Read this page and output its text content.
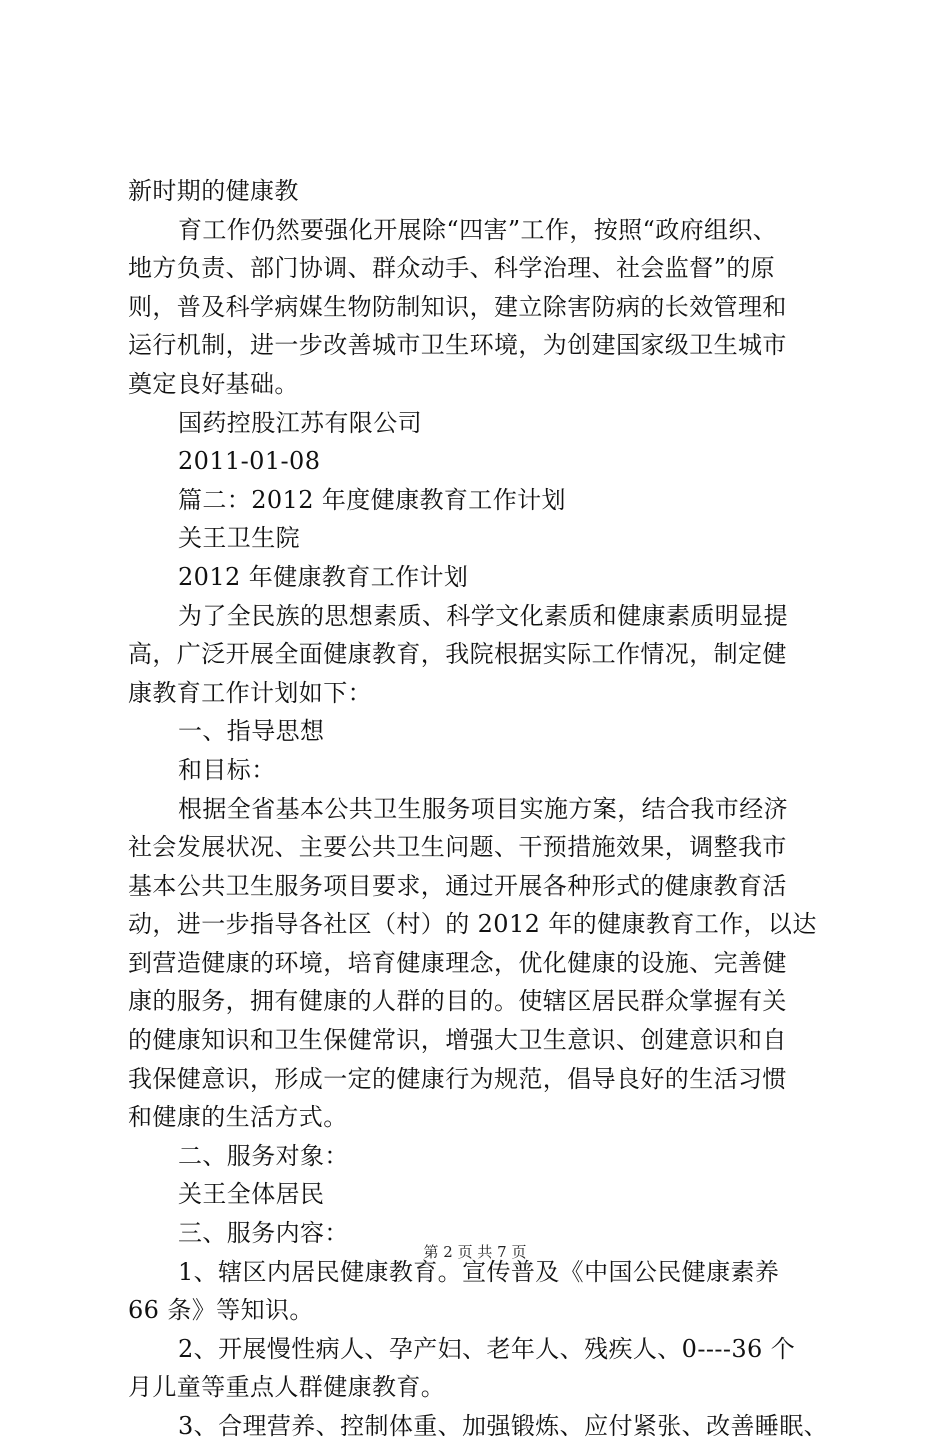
新时期的健康教
育工作仍然要强化开展除“四害”工作，按照“政府组织、
地方负责、部门协调、群众动手、科学治理、社会监督”的原
则，普及科学病媒生物防制知识，建立除害防病的长效管理和
运行机制，进一步改善城市卫生环境，为创建国家级卫生城市
奠定良好基础。
国药控股江苏有限公司
2011-01-08
篇二：2012 年度健康教育工作计划
关王卫生院
2012 年健康教育工作计划
为了全民族的思想素质、科学文化素质和健康素质明显提
高，广泛开展全面健康教育，我院根据实际工作情况，制定健
康教育工作计划如下：
一、指导思想
和目标：
根据全省基本公共卫生服务项目实施方案，结合我市经济
社会发展状况、主要公共卫生问题、干预措施效果，调整我市
基本公共卫生服务项目要求，通过开展各种形式的健康教育活
动，进一步指导各社区（村）的 2012 年的健康教育工作，以达
到营造健康的环境，培育健康理念，优化健康的设施、完善健
康的服务，拥有健康的人群的目的。使辖区居民群众掌握有关
的健康知识和卫生保健常识，增强大卫生意识、创建意识和自
我保健意识，形成一定的健康行为规范，倡导良好的生活习惯
和健康的生活方式。
二、服务对象：
关王全体居民
三、服务内容：
1、辖区内居民健康教育。宣传普及《中国公民健康素养
66 条》等知识。
2、开展慢性病人、孕产妇、老年人、残疾人、0----36 个
月儿童等重点人群健康教育。
3、合理营养、控制体重、加强锻炼、应付紧张、改善睡眠、
第 2 页 共 7 页
